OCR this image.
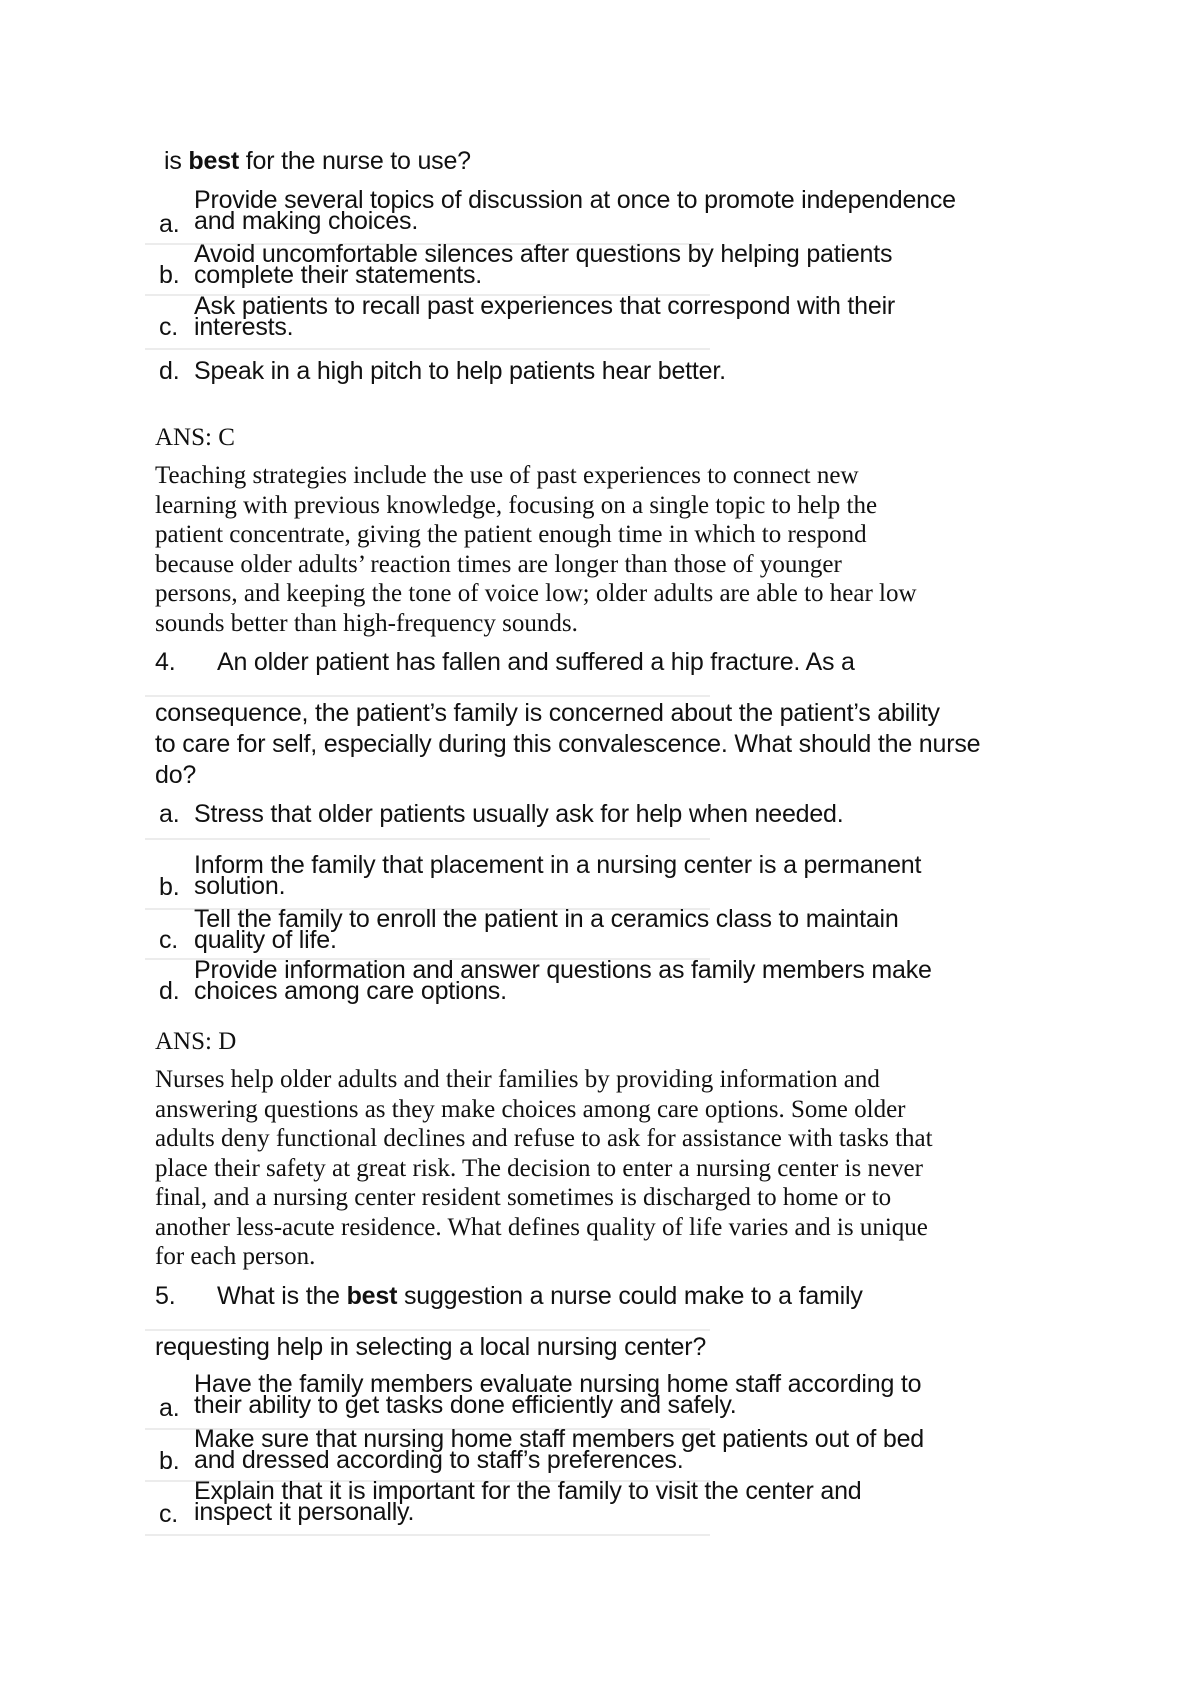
is best for the nurse to use?
a.
Provide several topics of discussion at once to promote independence
and making choices.
b.
Avoid uncomfortable silences after questions by helping patients
complete their statements.
c.
Ask patients to recall past experiences that correspond with their
interests.
d. Speak in a high pitch to help patients hear better.
ANS: C
Teaching strategies include the use of past experiences to connect new
learning with previous knowledge, focusing on a single topic to help the
patient concentrate, giving the patient enough time in which to respond
because older adults’ reaction times are longer than those of younger
persons, and keeping the tone of voice low; older adults are able to hear low
sounds better than high-frequency sounds.
4. An older patient has fallen and suffered a hip fracture. As a
consequence, the patient’s family is concerned about the patient’s ability
to care for self, especially during this convalescence. What should the nurse
do?
a. Stress that older patients usually ask for help when needed.
b.
Inform the family that placement in a nursing center is a permanent
solution.
c.
Tell the family to enroll the patient in a ceramics class to maintain
quality of life.
d.
Provide information and answer questions as family members make
choices among care options.
ANS: D
Nurses help older adults and their families by providing information and
answering questions as they make choices among care options. Some older
adults deny functional declines and refuse to ask for assistance with tasks that
place their safety at great risk. The decision to enter a nursing center is never
final, and a nursing center resident sometimes is discharged to home or to
another less-acute residence. What defines quality of life varies and is unique
for each person.
5. What is the best suggestion a nurse could make to a family
requesting help in selecting a local nursing center?
a.
Have the family members evaluate nursing home staff according to
their ability to get tasks done efficiently and safely.
b.
Make sure that nursing home staff members get patients out of bed
and dressed according to staff’s preferences.
c.
Explain that it is important for the family to visit the center and
inspect it personally.
